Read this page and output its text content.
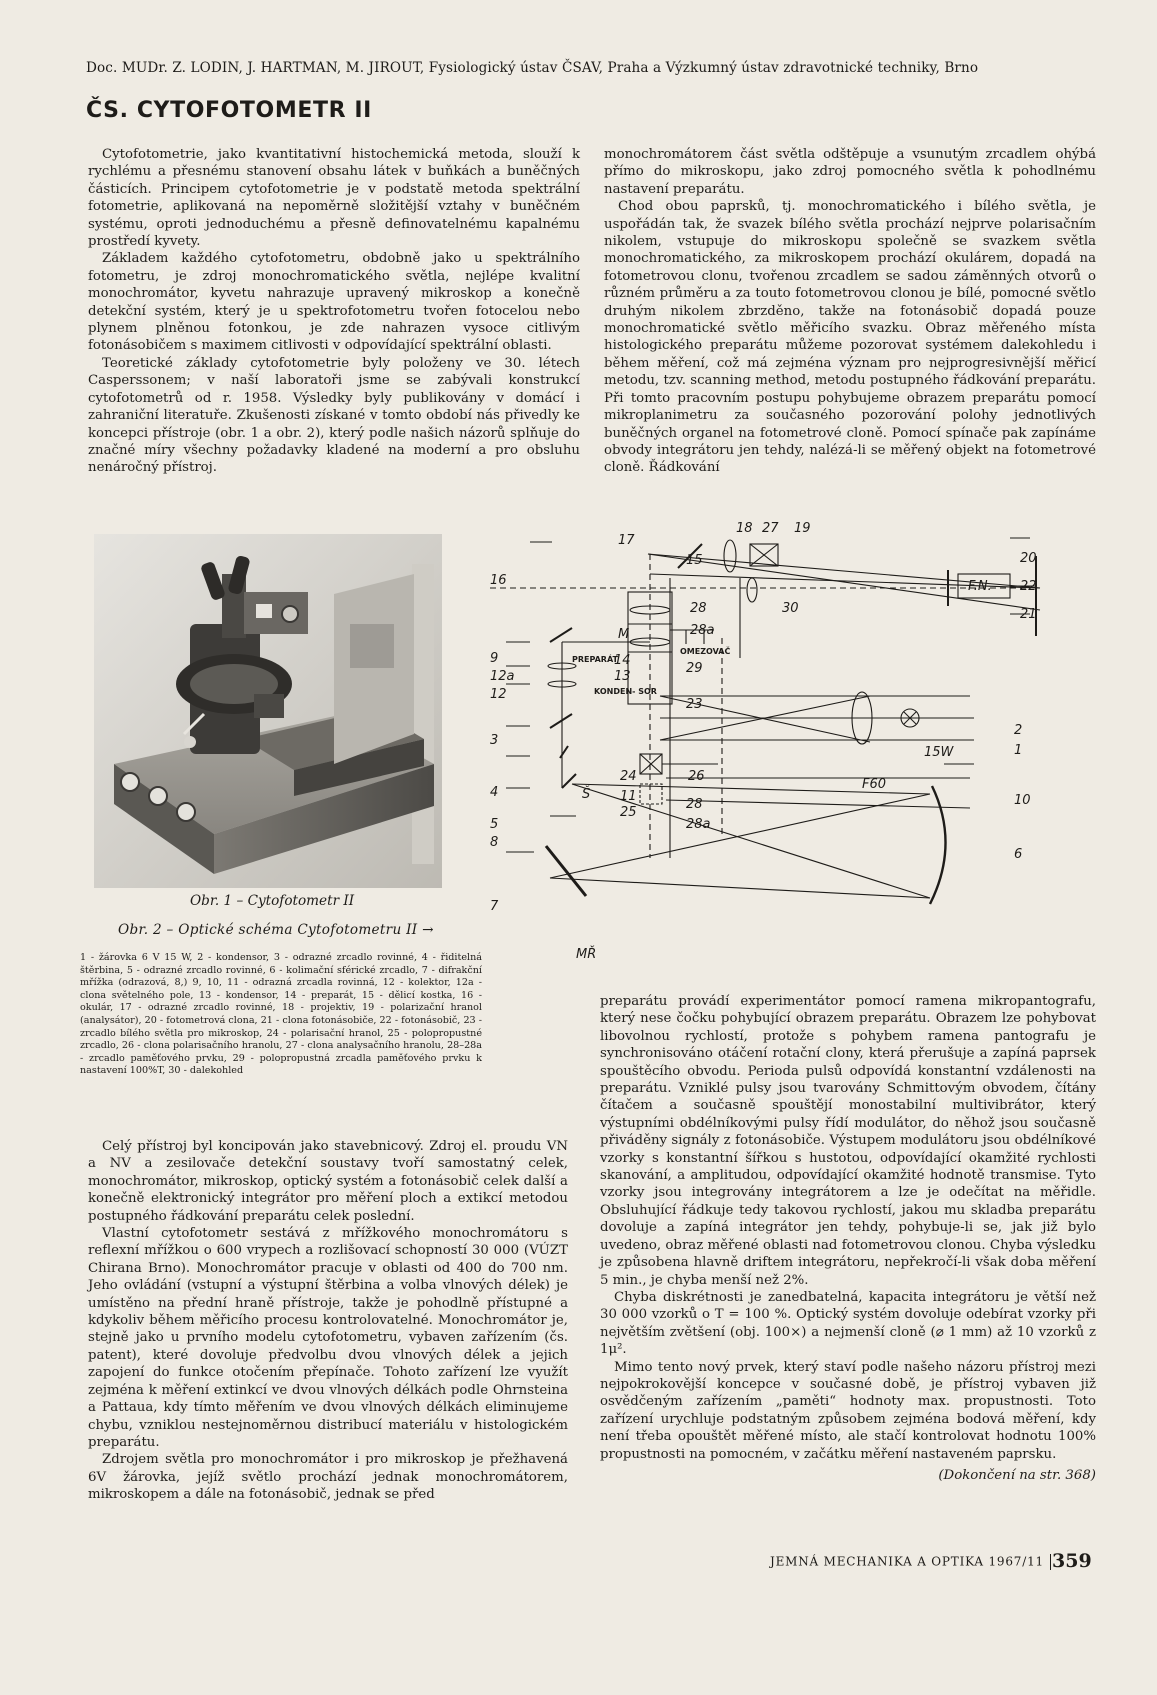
Doc. MUDr. Z. LODIN, J. HARTMAN, M. JIROUT, Fysiologický ústav ČSAV, Praha a Výzkumný ústav zdravotnické techniky, Brno
ČS. CYTOFOTOMETR II

Cytofotometrie, jako kvantitativní histochemická metoda, slouží k rychlému a přesnému stanovení obsahu látek v buňkách a buněčných částicích. Principem cytofotometrie je v podstatě metoda spektrální fotometrie, aplikovaná na nepoměrně složitější vztahy v buněčném systému, oproti jednoduchému a přesně definovatelnému kapalnému prostředí kyvety.

Základem každého cytofotometru, obdobně jako u spektrálního fotometru, je zdroj monochromatického světla, nejlépe kvalitní monochromátor, kyvetu nahrazuje upravený mikroskop a konečně detekční systém, který je u spektrofotometru tvořen fotocelou nebo plynem plněnou fotonkou, je zde nahrazen vysoce citlivým fotonásobičem s maximem citlivosti v odpovídající spektrální oblasti.

Teoretické základy cytofotometrie byly položeny ve 30. létech Casperssonem; v naší laboratoři jsme se zabývali konstrukcí cytofotometrů od r. 1958. Výsledky byly publikovány v domácí i zahraniční literatuře. Zkušenosti získané v tomto období nás přivedly ke koncepci přístroje (obr. 1 a obr. 2), který podle našich názorů splňuje do značné míry všechny požadavky kladené na moderní a pro obsluhu nenáročný přístroj.

monochromátorem část světla odštěpuje a vsunutým zrcadlem ohýbá přímo do mikroskopu, jako zdroj pomocného světla k pohodlnému nastavení preparátu.

Chod obou paprsků, tj. monochromatického i bílého světla, je uspořádán tak, že svazek bílého světla prochází nejprve polarisačním nikolem, vstupuje do mikroskopu společně se svazkem světla monochromatického, za mikroskopem prochází okulárem, dopadá na fotometrovou clonu, tvořenou zrcadlem se sadou záměnných otvorů o různém průměru a za touto fotometrovou clonou je bílé, pomocné světlo druhým nikolem zbrzděno, takže na fotonásobič dopadá pouze monochromatické světlo měřicího svazku. Obraz měřeného místa histologického preparátu můžeme pozorovat systémem dalekohledu i během měření, což má zejména význam pro nejprogresivnější měřicí metodu, tzv. scanning method, metodu postupného řádkování preparátu. Při tomto pracovním postupu pohybujeme obrazem preparátu pomocí mikroplanimetru za současného pozorování polohy jednotlivých buněčných organel na fotometrové cloně. Pomocí spínače pak zapínáme obvody integrátoru jen tehdy, nalézá-li se měřený objekt na fotometrové cloně. Řádkování

Obr. 1 – Cytofotometr II
Obr. 2 – Optické schéma Cytofotometru II →
1 - žárovka 6 V 15 W, 2 - kondensor, 3 - odrazné zrcadlo rovinné, 4 - řiditelná štěrbina, 5 - odrazné zrcadlo rovinné, 6 - kolimační sférické zrcadlo, 7 - difrakční mřížka (odrazová, 8,) 9, 10, 11 - odrazná zrcadla rovinná, 12 - kolektor, 12a - clona světelného pole, 13 - kondensor, 14 - preparát, 15 - dělicí kostka, 16 - okulár, 17 - odrazné zrcadlo rovinné, 18 - projektiv, 19 - polarizační hranol (analysátor), 20 - fotometrová clona, 21 - clona fotonásobiče, 22 - fotonásobič, 23 - zrcadlo bílého světla pro mikroskop, 24 - polarisační hranol, 25 - polopropustné zrcadlo, 26 - clona polarisačního hranolu, 27 - clona analysačního hranolu, 28–28a - zrcadlo paměťového prvku, 29 - polopropustná zrcadla paměťového prvku k nastavení 100%T, 30 - dalekohled
17
18 27 19
15
16
20
22
21
30
28
28a
F.N.
M
PREPARÁT
14
13
KONDEN- SOR
OMEZOVAČ
29
23
9
12a
12
3
2
1
15W
F60
24	26
11
25
4	Š
28
28a
10
5
8
6
7
MŘ

Celý přístroj byl koncipován jako stavebnicový. Zdroj el. proudu VN a NV a zesilovače detekční soustavy tvoří samostatný celek, monochromátor, mikroskop, optický systém a fotonásobič celek další a konečně elektronický integrátor pro měření ploch a extikcí metodou postupného řádkování preparátu celek poslední.

Vlastní cytofotometr sestává z mřížkového monochromátoru s reflexní mřížkou o 600 vrypech a rozlišovací schopností 30 000 (VÚZT Chirana Brno). Monochromátor pracuje v oblasti od 400 do 700 nm. Jeho ovládání (vstupní a výstupní štěrbina a volba vlnových délek) je umístěno na přední hraně přístroje, takže je pohodlně přístupné a kdykoliv během měřicího procesu kontrolovatelné. Monochromátor je, stejně jako u prvního modelu cytofotometru, vybaven zařízením (čs. patent), které dovoluje předvolbu dvou vlnových délek a jejich zapojení do funkce otočením přepínače. Tohoto zařízení lze využít zejména k měření extinkcí ve dvou vlnových délkách podle Ohrnsteina a Pattaua, kdy tímto měřením ve dvou vlnových délkách eliminujeme chybu, vzniklou nestejnoměrnou distribucí materiálu v histologickém preparátu.

Zdrojem světla pro monochromátor i pro mikroskop je přežhavená 6V žárovka, jejíž světlo prochází jednak monochromátorem, mikroskopem a dále na fotonásobič, jednak se před

preparátu provádí experimentátor pomocí ramena mikropantografu, který nese čočku pohybující obrazem preparátu. Obrazem lze pohybovat libovolnou rychlostí, protože s pohybem ramena pantografu je synchronisováno otáčení rotační clony, která přerušuje a zapíná paprsek spouštěcího obvodu. Perioda pulsů odpovídá konstantní vzdálenosti na preparátu. Vzniklé pulsy jsou tvarovány Schmittovým obvodem, čítány čítačem a současně spouštějí monostabilní multivibrátor, který výstupními obdélníkovými pulsy řídí modulátor, do něhož jsou současně přiváděny signály z fotonásobiče. Výstupem modulátoru jsou obdélníkové vzorky s konstantní šířkou s hustotou, odpovídající okamžité rychlosti skanování, a amplitudou, odpovídající okamžité hodnotě transmise. Tyto vzorky jsou integrovány integrátorem a lze je odečítat na měřidle. Obsluhující řádkuje tedy takovou rychlostí, jakou mu skladba preparátu dovoluje a zapíná integrátor jen tehdy, pohybuje-li se, jak již bylo uvedeno, obraz měřené oblasti nad fotometrovou clonou. Chyba výsledku je způsobena hlavně driftem integrátoru, nepřekročí-li však doba měření 5 min., je chyba menší než 2%.

Chyba diskrétnosti je zanedbatelná, kapacita integrátoru je větší než 30 000 vzorků o T = 100 %. Optický systém dovoluje odebírat vzorky při největším zvětšení (obj. 100×) a nejmenší cloně (⌀ 1 mm) až 10 vzorků z 1μ².

Mimo tento nový prvek, který staví podle našeho názoru přístroj mezi nejpokrokovější koncepce v současné době, je přístroj vybaven již osvědčeným zařízením „paměti“ hodnoty max. propustnosti. Toto zařízení urychluje podstatným způsobem zejména bodová měření, kdy není třeba opouštět měřené místo, ale stačí kontrolovat hodnotu 100% propustnosti na pomocném, v začátku měření nastaveném paprsku.

(Dokončení na str. 368)

JEMNÁ MECHANIKA A OPTIKA 1967/11 359
